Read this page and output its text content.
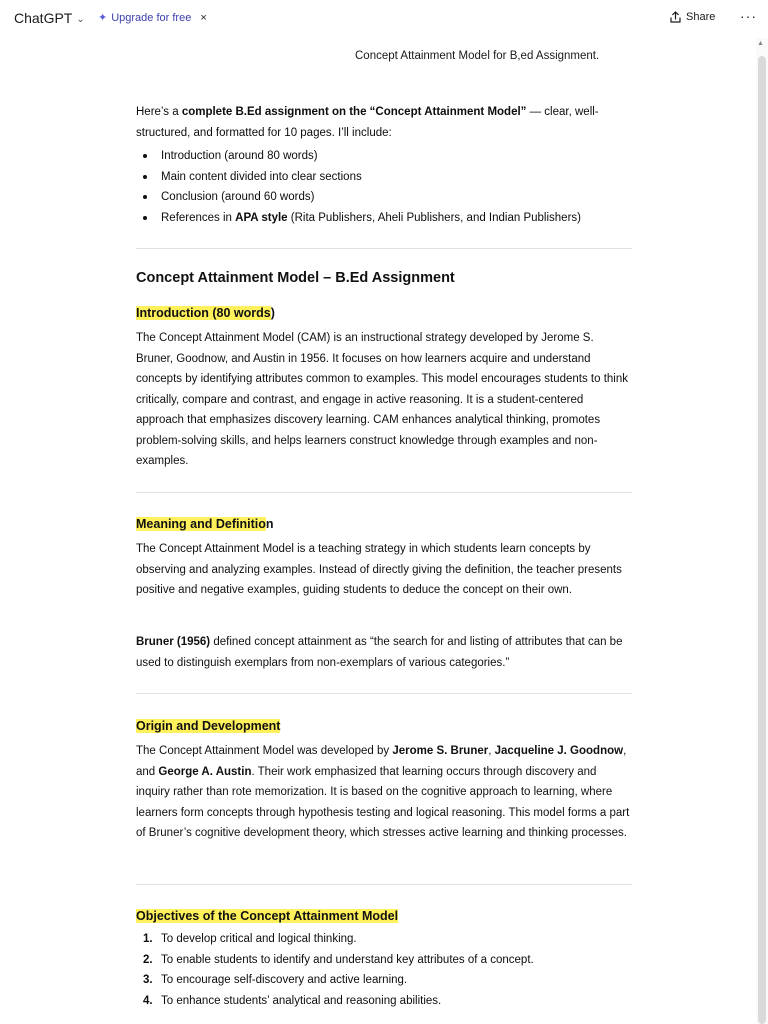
ChatGPT ⌄ ✦ Upgrade for free ×	Share ···
▲
Concept Attainment Model for B,ed Assignment.
Here’s a complete B.Ed assignment on the “Concept Attainment Model” — clear, well-structured, and formatted for 10 pages. I’ll include:
Introduction (around 80 words)
Main content divided into clear sections
Conclusion (around 60 words)
References in APA style (Rita Publishers, Aheli Publishers, and Indian Publishers)
Concept Attainment Model – B.Ed Assignment
Introduction (80 words)
The Concept Attainment Model (CAM) is an instructional strategy developed by Jerome S. Bruner, Goodnow, and Austin in 1956. It focuses on how learners acquire and understand concepts by identifying attributes common to examples. This model encourages students to think critically, compare and contrast, and engage in active reasoning. It is a student-centered approach that emphasizes discovery learning. CAM enhances analytical thinking, promotes problem-solving skills, and helps learners construct knowledge through examples and non-examples.
Meaning and Definition
The Concept Attainment Model is a teaching strategy in which students learn concepts by observing and analyzing examples. Instead of directly giving the definition, the teacher presents positive and negative examples, guiding students to deduce the concept on their own.
Bruner (1956) defined concept attainment as “the search for and listing of attributes that can be used to distinguish exemplars from non-exemplars of various categories.”
Origin and Development
The Concept Attainment Model was developed by Jerome S. Bruner, Jacqueline J. Goodnow, and George A. Austin. Their work emphasized that learning occurs through discovery and inquiry rather than rote memorization. It is based on the cognitive approach to learning, where learners form concepts through hypothesis testing and logical reasoning. This model forms a part of Bruner’s cognitive development theory, which stresses active learning and thinking processes.
Objectives of the Concept Attainment Model
1. To develop critical and logical thinking.
2. To enable students to identify and understand key attributes of a concept.
3. To encourage self-discovery and active learning.
4. To enhance students’ analytical and reasoning abilities.
